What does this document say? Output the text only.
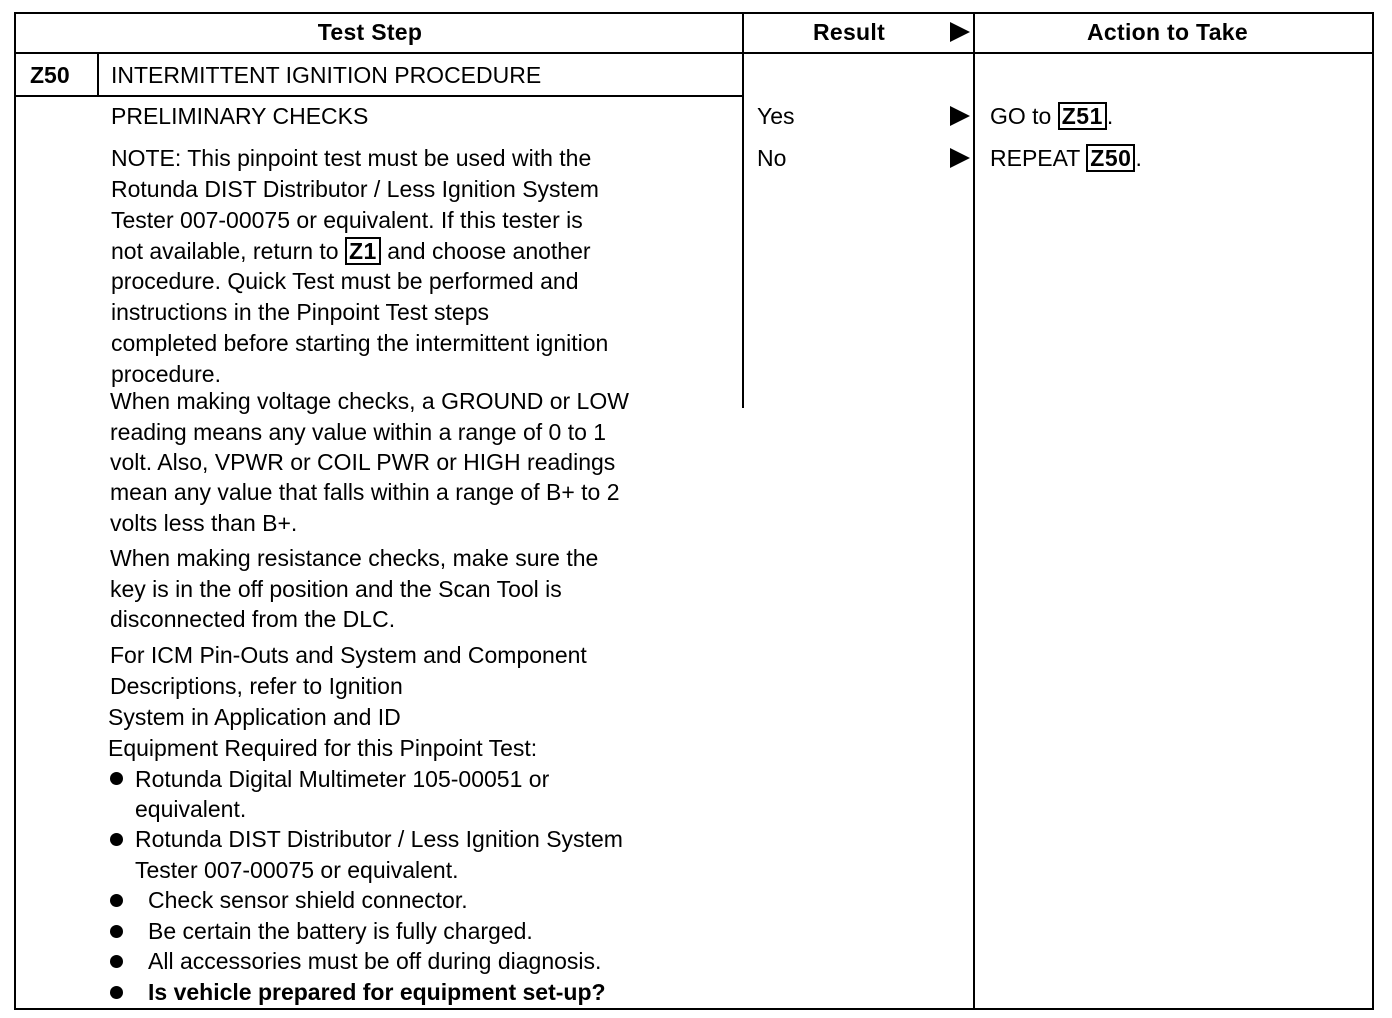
Test Step	Result	Action to Take
Z50 INTERMITTENT IGNITION PROCEDURE
PRELIMINARY CHECKS
NOTE: This pinpoint test must be used with the
Rotunda DIST Distributor / Less Ignition System
Tester 007-00075 or equivalent. If this tester is
not available, return to Z1 and choose another
procedure. Quick Test must be performed and
instructions in the Pinpoint Test steps
completed before starting the intermittent ignition
procedure.
When making voltage checks, a GROUND or LOW
reading means any value within a range of 0 to 1
volt. Also, VPWR or COIL PWR or HIGH readings
mean any value that falls within a range of B+ to 2
volts less than B+.
When making resistance checks, make sure the
key is in the off position and the Scan Tool is
disconnected from the DLC.
For ICM Pin-Outs and System and Component
Descriptions, refer to Ignition
System in Application and ID
Equipment Required for this Pinpoint Test:
Rotunda Digital Multimeter 105-00051 or
equivalent.
Rotunda DIST Distributor / Less Ignition System
Tester 007-00075 or equivalent.
Check sensor shield connector.
Be certain the battery is fully charged.
All accessories must be off during diagnosis.
Is vehicle prepared for equipment set-up?
Yes
No
GO to Z51 .
REPEAT Z50 .
